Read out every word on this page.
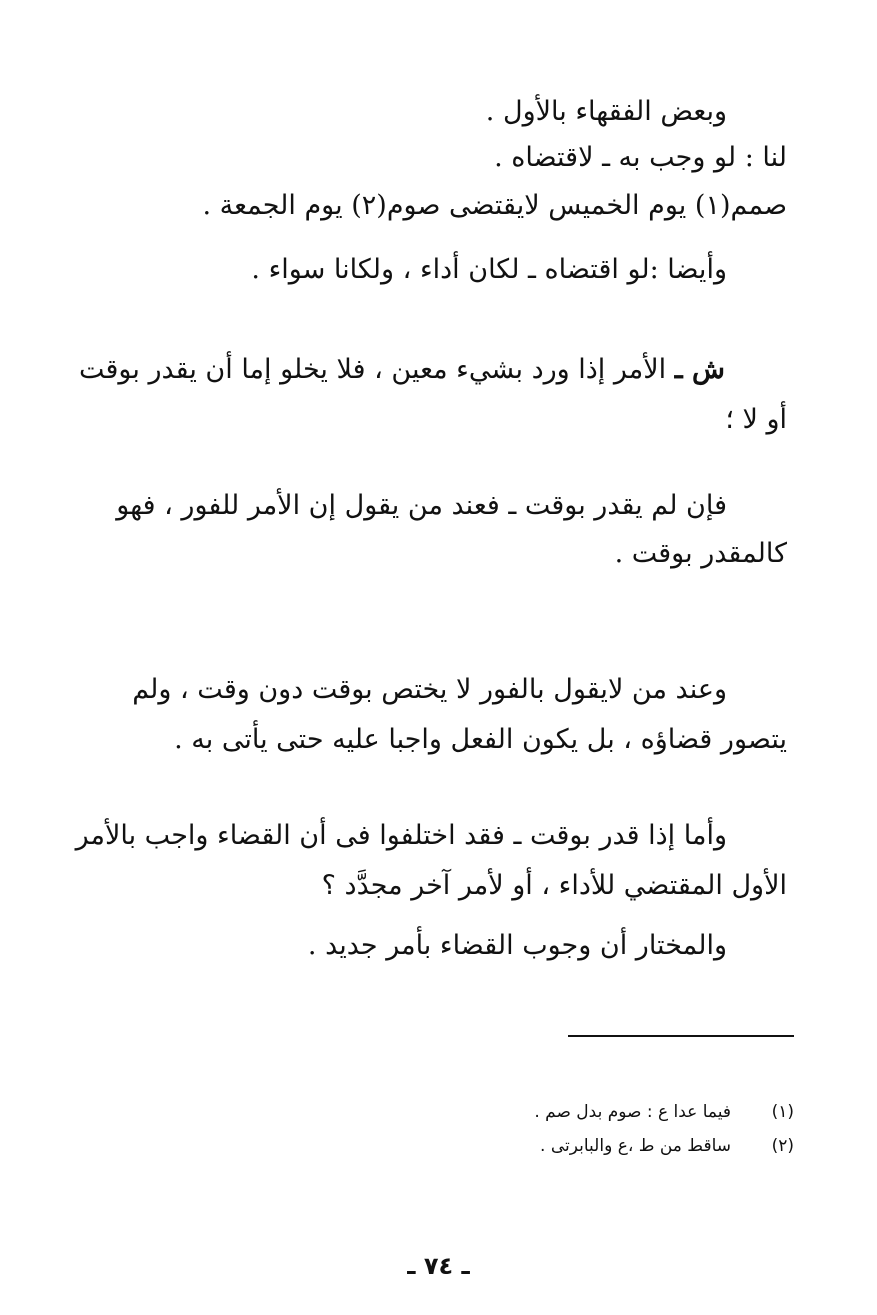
وبعض الفقهاء بالأول .
لنا : لو وجب به ـ لاقتضاه .
صمم(١) يوم الخميس لايقتضى صوم(٢) يوم الجمعة .
وأيضا :لو اقتضاه ـ لكان أداء ، ولكانا سواء .
ش ـ الأمر إذا ورد بشيء معين ، فلا يخلو إما أن يقدر بوقت
أو لا ؛
فإن لم يقدر بوقت ـ فعند من يقول إن الأمر للفور ، فهو
كالمقدر بوقت .
وعند من لايقول بالفور لا يختص بوقت دون وقت ، ولم
يتصور قضاؤه ، بل يكون الفعل واجبا عليه حتى يأتى به .
وأما إذا قدر بوقت ـ فقد اختلفوا فى أن القضاء واجب بالأمر
الأول المقتضي للأداء ، أو لأمر آخر مجدَّد ؟
والمختار أن وجوب القضاء بأمر جديد .
(١)
فيما عدا ع : صوم بدل صم .
(٢)
ساقط من ط ،ع والبابرتى .
ـ ٧٤ ـ
